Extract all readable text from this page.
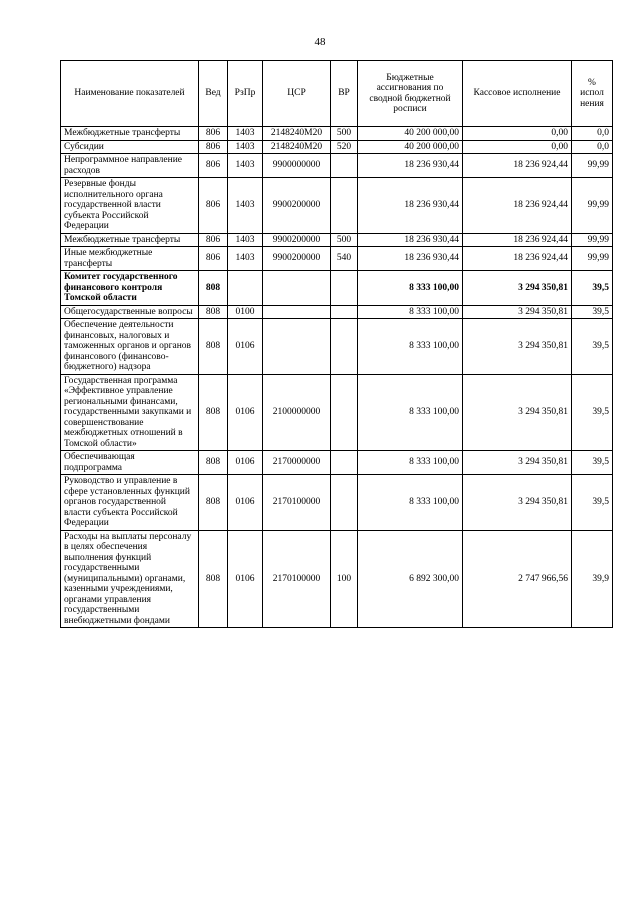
48
Наименование показателей	Вед	РзПр	ЦСР	ВР	Бюджетные ассигнования по сводной бюджетной росписи	Кассовое исполнение	% испол нения
Межбюджетные трансферты	806	1403	2148240M20	500	40 200 000,00	0,00	0,0
Субсидии	806	1403	2148240M20	520	40 200 000,00	0,00	0,0
Непрограммное направление расходов	806	1403	9900000000		18 236 930,44	18 236 924,44	99,99
Резервные фонды исполнительного органа государственной власти субъекта Российской Федерации	806	1403	9900200000		18 236 930,44	18 236 924,44	99,99
Межбюджетные трансферты	806	1403	9900200000	500	18 236 930,44	18 236 924,44	99,99
Иные межбюджетные трансферты	806	1403	9900200000	540	18 236 930,44	18 236 924,44	99,99
Комитет государственного финансового контроля Томской области	808				8 333 100,00	3 294 350,81	39,5
Общегосударственные вопросы	808	0100			8 333 100,00	3 294 350,81	39,5
Обеспечение деятельности финансовых, налоговых и таможенных органов и органов финансового (финансово-бюджетного) надзора	808	0106			8 333 100,00	3 294 350,81	39,5
Государственная программа «Эффективное управление региональными финансами, государственными закупками и совершенствование межбюджетных отношений в Томской области»	808	0106	2100000000		8 333 100,00	3 294 350,81	39,5
Обеспечивающая подпрограмма	808	0106	2170000000		8 333 100,00	3 294 350,81	39,5
Руководство и управление в сфере установленных функций органов государственной власти субъекта Российской Федерации	808	0106	2170100000		8 333 100,00	3 294 350,81	39,5
Расходы на выплаты персоналу в целях обеспечения выполнения функций государственными (муниципальными) органами, казенными учреждениями, органами управления государственными внебюджетными фондами	808	0106	2170100000	100	6 892 300,00	2 747 966,56	39,9
